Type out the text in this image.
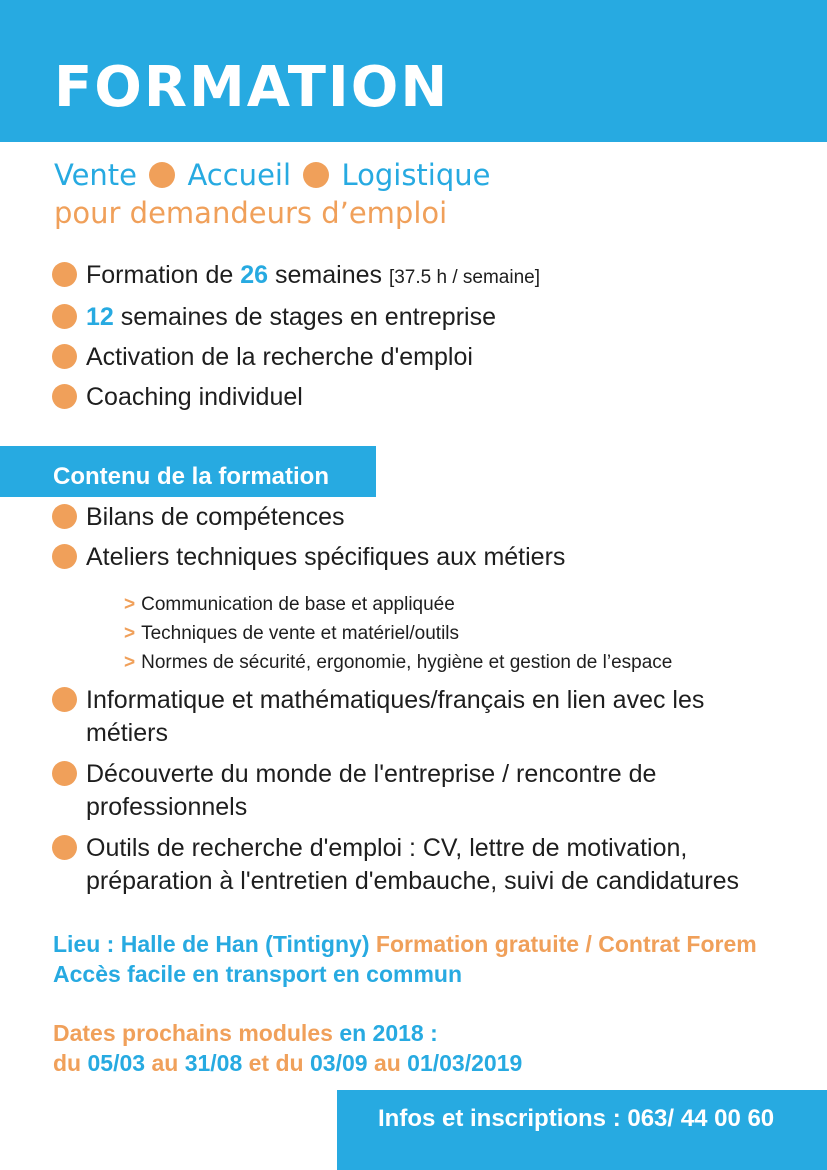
FORMATION

Vente Accueil Logistique

pour demandeurs d’emploi

Formation de 26 semaines [37.5 h / semaine]
12 semaines de stages en entreprise
Activation de la recherche d'emploi
Coaching individuel
Contenu de la formation
Bilans de compétences
Ateliers techniques spécifiques aux métiers
> Communication de base et appliquée
> Techniques de vente et matériel/outils
> Normes de sécurité, ergonomie, hygiène et gestion de l’espace
Informatique et mathématiques/français en lien avec les métiers
Découverte du monde de l'entreprise / rencontre de professionnels
Outils de recherche d'emploi : CV, lettre de motivation, préparation à l'entretien d'embauche, suivi de candidatures

Lieu : Halle de Han (Tintigny) Formation gratuite / Contrat Forem

Accès facile en transport en commun

Dates prochains modules en 2018 :

du 05/03 au 31/08 et du 03/09 au 01/03/2019

Infos et inscriptions : 063/ 44 00 60
